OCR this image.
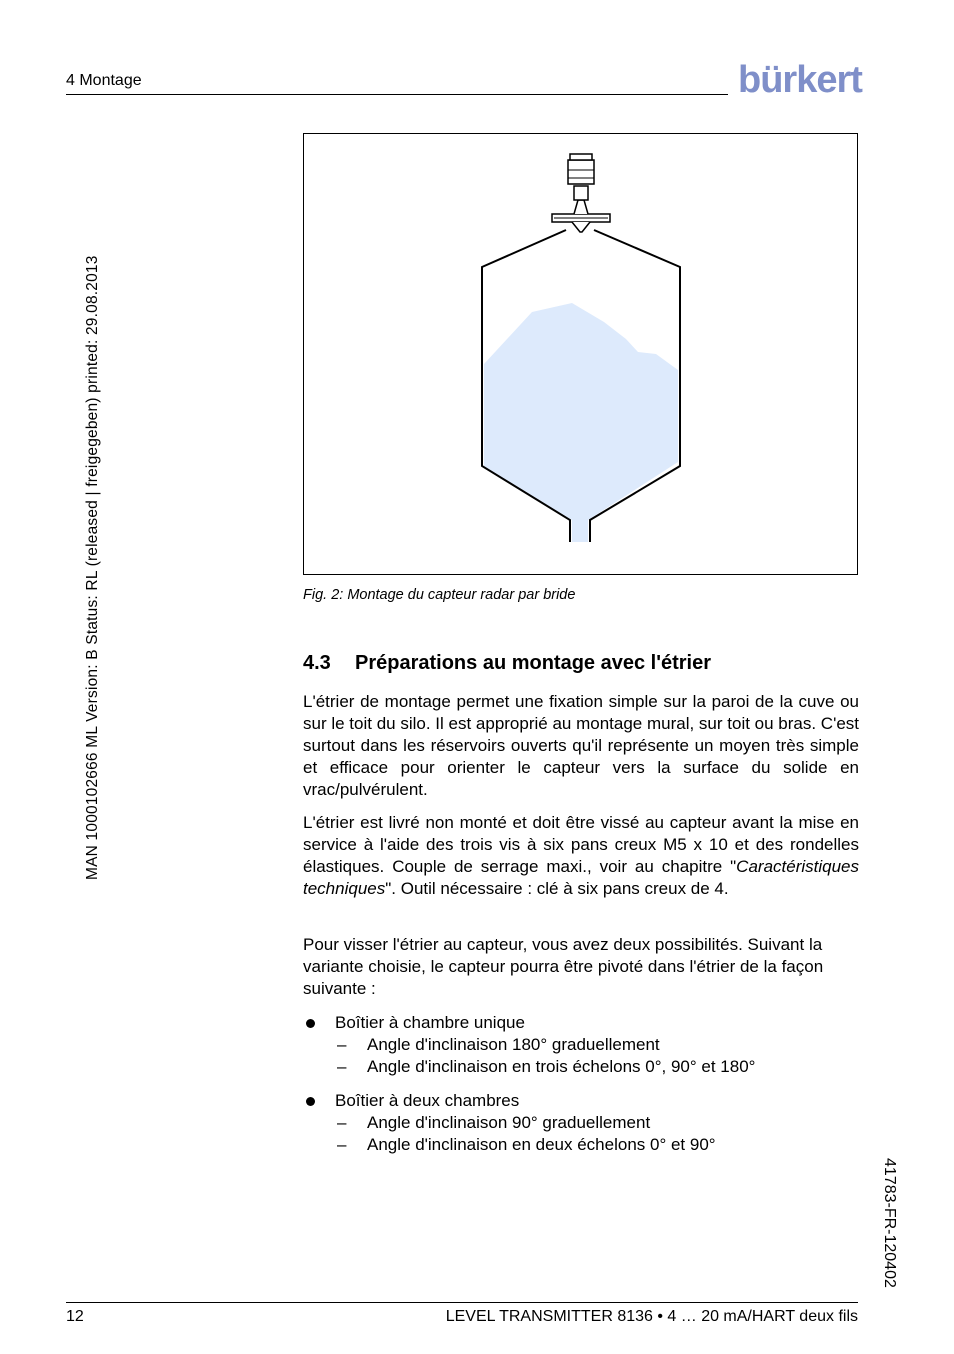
4 Montage	bürkert
MAN 1000102666 ML Version: B Status: RL (released | freigegeben) printed: 29.08.2013
41783-FR-120402
Fig. 2: Montage du capteur radar par bride
4.3 Préparations au montage avec l'étrier
L'étrier de montage permet une fixation simple sur la paroi de la cuve ou sur le toit du silo. Il est approprié au montage mural, sur toit ou bras. C'est surtout dans les réservoirs ouverts qu'il représente un moyen très simple et efficace pour orienter le capteur vers la surface du solide en vrac/pulvérulent.
L'étrier est livré non monté et doit être vissé au capteur avant la mise en service à l'aide des trois vis à six pans creux M5 x 10 et des rondelles élastiques. Couple de serrage maxi., voir au chapitre "Caractéristiques techniques". Outil nécessaire : clé à six pans creux de 4.
Pour visser l'étrier au capteur, vous avez deux possibilités. Suivant la variante choisie, le capteur pourra être pivoté dans l'étrier de la façon suivante :
Boîtier à chambre unique
– Angle d'inclinaison 180° graduellement
– Angle d'inclinaison en trois échelons 0°, 90° et 180°
Boîtier à deux chambres
– Angle d'inclinaison 90° graduellement
– Angle d'inclinaison en deux échelons 0° et 90°
12	LEVEL TRANSMITTER 8136 • 4 … 20 mA/HART deux fils
